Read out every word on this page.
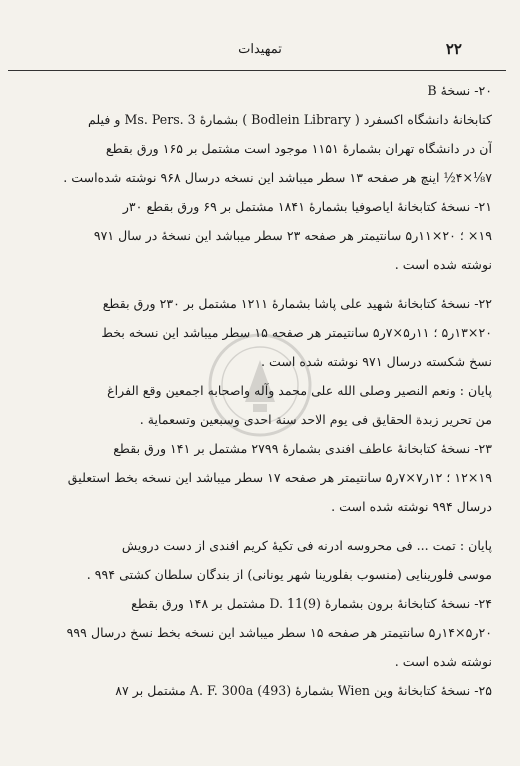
۲۲
تمهیدات
۲۰- نسخهٔ B
کتابخانهٔ دانشگاه اکسفرد ( Bodlein Library ) بشمارهٔ Ms. Pers. 3 و فیلم
آن در دانشگاه تهران بشمارهٔ ۱۱۵۱ موجود است مشتمل بر ۱۶۵ ورق بقطع
۷⅛×۴½ اینچ هر صفحه ۱۳ سطر میباشد این نسخه درسال ۹۶۸ نوشته شده‌است .
۲۱- نسخهٔ کتابخانهٔ ایاصوفیا بشمارهٔ ۱۸۴۱ مشتمل بر ۶۹ ورق بقطع ۳۰ر
۱۹× ؛ ۲۰×۱۱ر۵ سانتیمتر هر صفحه ۲۳ سطر میباشد این نسخهٔ در سال ۹۷۱
نوشته شده است .
۲۲- نسخهٔ کتابخانهٔ شهید علی پاشا بشمارهٔ ۱۲۱۱ مشتمل بر ۲۳۰ ورق بقطع
۲۰×۱۳ر۵ ؛ ۱۱ر۵×۷ر۵ سانتیمتر هر صفحه ۱۵ سطر میباشد این نسخه بخط
نسخ شکسته درسال ۹۷۱ نوشته شده است .
پایان : ونعم النصیر وصلی الله علی محمد وآله واصحابه اجمعین وقع الفراغ
من تحریر زبدة الحقایق فی یوم الاحد سنة احدی وسبعین وتسعمایة .
۲۳- نسخهٔ کتابخانهٔ عاطف افندی بشمارهٔ ۲۷۹۹ مشتمل بر ۱۴۱ ورق بقطع
۱۹×۱۲ ؛ ۱۲ر۷×۷ر۵ سانتیمتر هر صفحه ۱۷ سطر میباشد این نسخه بخط استعلیق
درسال ۹۹۴ نوشته شده است .
پایان : تمت ... فی محروسه ادرنه فی تکیهٔ کریم افندی از دست درویش
موسی فلورینایی (منسوب بفلورینا شهر یونانی) از بندگان سلطان کشتی ۹۹۴ .
۲۴- نسخهٔ کتابخانهٔ برون بشمارهٔ D. 11(9) مشتمل بر ۱۴۸ ورق بقطع
۲۰ر۵×۱۴ر۵ سانتیمتر هر صفحه ۱۵ سطر میباشد این نسخه بخط نسخ درسال ۹۹۹
نوشته شده است .
۲۵- نسخهٔ کتابخانهٔ وین Wien بشمارهٔ A. F. 300a (493) مشتمل بر ۸۷
